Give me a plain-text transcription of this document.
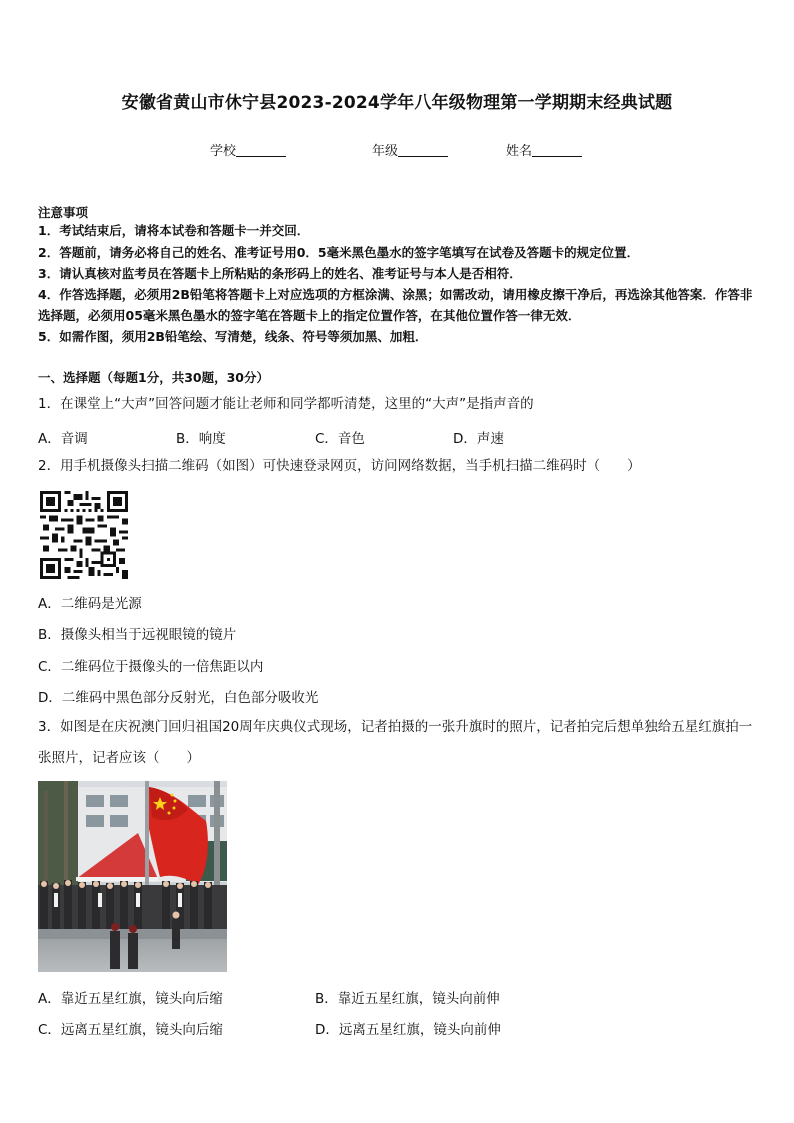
安徽省黄山市休宁县2023-2024学年八年级物理第一学期期末经典试题
学校	年级	姓名
注意事项
1．考试结束后，请将本试卷和答题卡一并交回．
2．答题前，请务必将自己的姓名、准考证号用0．5毫米黑色墨水的签字笔填写在试卷及答题卡的规定位置．
3．请认真核对监考员在答题卡上所粘贴的条形码上的姓名、准考证号与本人是否相符．
4．作答选择题，必须用2B铅笔将答题卡上对应选项的方框涂满、涂黑；如需改动，请用橡皮擦干净后，再选涂其他答案．作答非选择题，必须用05毫米黑色墨水的签字笔在答题卡上的指定位置作答，在其他位置作答一律无效．
5．如需作图，须用2B铅笔绘、写清楚，线条、符号等须加黑、加粗．
一、选择题（每题1分，共30题，30分）
1．在课堂上“大声”回答问题才能让老师和同学都听清楚，这里的“大声”是指声音的
A．音调	B．响度	C．音色	D．声速
2．用手机摄像头扫描二维码（如图）可快速登录网页，访问网络数据，当手机扫描二维码时（　　）
A．二维码是光源
B．摄像头相当于远视眼镜的镜片
C．二维码位于摄像头的一倍焦距以内
D．二维码中黑色部分反射光，白色部分吸收光
3．如图是在庆祝澳门回归祖国20周年庆典仪式现场，记者拍摄的一张升旗时的照片，记者拍完后想单独给五星红旗拍一张照片，记者应该（　　）
A．靠近五星红旗，镜头向后缩	B．靠近五星红旗，镜头向前伸
C．远离五星红旗，镜头向后缩	D．远离五星红旗，镜头向前伸
